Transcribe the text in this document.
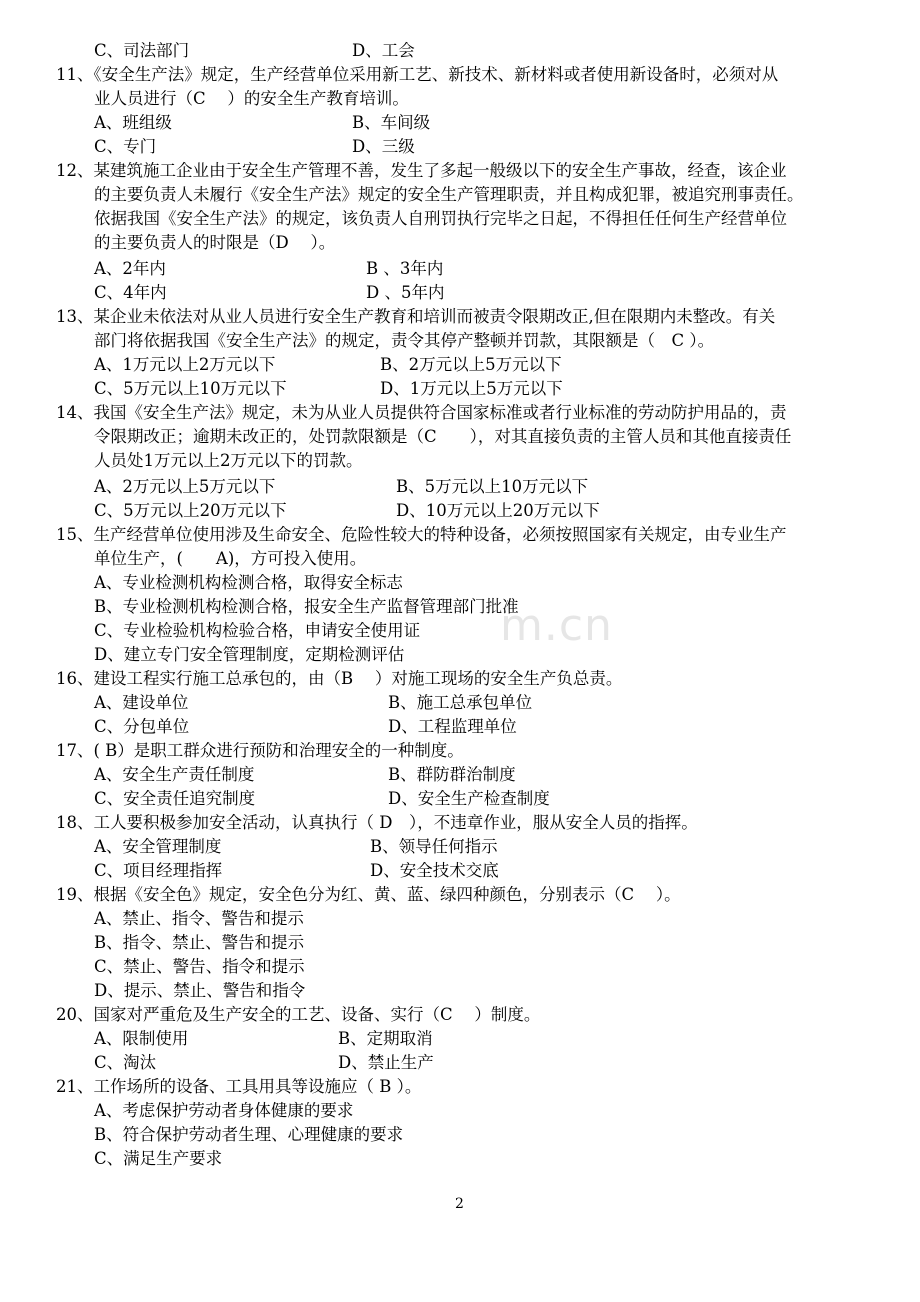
m.cn
C、司法部门	D、工会
11、《安全生产法》规定，生产经营单位采用新工艺、新技术、新材料或者使用新设备时，必须对从
业人员进行（C　 ）的安全生产教育培训。
A、班组级	B、车间级
C、专门	D、三级
12、某建筑施工企业由于安全生产管理不善，发生了多起一般级以下的安全生产事故，经查，该企业
的主要负责人未履行《安全生产法》规定的安全生产管理职责，并且构成犯罪，被追究刑事责任。
依据我国《安全生产法》的规定，该负责人自刑罚执行完毕之日起，不得担任任何生产经营单位
的主要负责人的时限是（D　 ）。
A、2年内	B 、3年内
C、4年内	D 、5年内
13、某企业未依法对从业人员进行安全生产教育和培训而被责令限期改正,但在限期内未整改。有关
部门将依据我国《安全生产法》的规定，责令其停产整顿并罚款，其限额是（　C ）。
A、1万元以上2万元以下	B、2万元以上5万元以下
C、5万元以上10万元以下	D、1万元以上5万元以下
14、我国《安全生产法》规定，未为从业人员提供符合国家标准或者行业标准的劳动防护用品的，责
令限期改正；逾期未改正的，处罚款限额是（C　　），对其直接负责的主管人员和其他直接责任
人员处1万元以上2万元以下的罚款。
A、2万元以上5万元以下	B、5万元以上10万元以下
C、5万元以上20万元以下	D、10万元以上20万元以下
15、生产经营单位使用涉及生命安全、危险性较大的特种设备，必须按照国家有关规定，由专业生产
单位生产，(　　A)，方可投入使用。
A、专业检测机构检测合格，取得安全标志
B、专业检测机构检测合格，报安全生产监督管理部门批准
C、专业检验机构检验合格，申请安全使用证
D、建立专门安全管理制度，定期检测评估
16、建设工程实行施工总承包的，由（B　 ）对施工现场的安全生产负总责。
A、建设单位	B、施工总承包单位
C、分包单位	D、工程监理单位
17、( B）是职工群众进行预防和治理安全的一种制度。
A、安全生产责任制度	B、群防群治制度
C、安全责任追究制度	D、安全生产检查制度
18、工人要积极参加安全活动，认真执行（ D　），不违章作业，服从安全人员的指挥。
A、安全管理制度	B、领导任何指示
C、项目经理指挥	D、安全技术交底
19、根据《安全色》规定，安全色分为红、黄、蓝、绿四种颜色，分别表示（C　 ）。
A、禁止、指令、警告和提示
B、指令、禁止、警告和提示
C、禁止、警告、指令和提示
D、提示、禁止、警告和指令
20、国家对严重危及生产安全的工艺、设备、实行（C　 ）制度。
A、限制使用	B、定期取消
C、淘汰	D、禁止生产
21、工作场所的设备、工具用具等设施应（ B ）。
A、考虑保护劳动者身体健康的要求
B、符合保护劳动者生理、心理健康的要求
C、满足生产要求
2
